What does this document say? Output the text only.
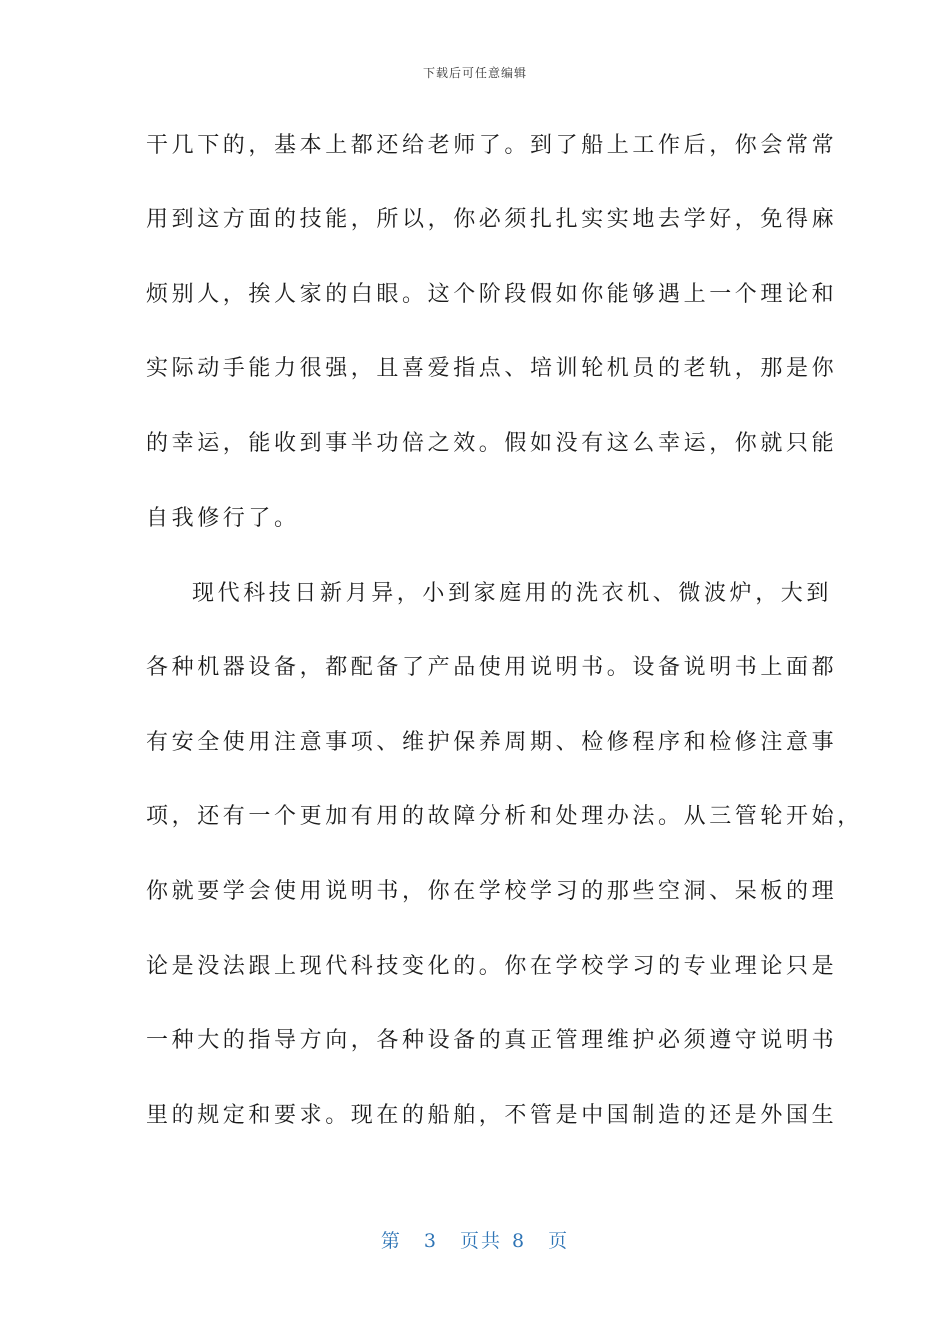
下载后可任意编辑
干几下的，基本上都还给老师了。到了船上工作后，你会常常
用到这方面的技能，所以，你必须扎扎实实地去学好，免得麻
烦别人，挨人家的白眼。这个阶段假如你能够遇上一个理论和
实际动手能力很强，且喜爱指点、培训轮机员的老轨，那是你
的幸运，能收到事半功倍之效。假如没有这么幸运，你就只能
自我修行了。
现代科技日新月异，小到家庭用的洗衣机、微波炉，大到
各种机器设备，都配备了产品使用说明书。设备说明书上面都
有安全使用注意事项、维护保养周期、检修程序和检修注意事
项，还有一个更加有用的故障分析和处理办法。从三管轮开始，
你就要学会使用说明书，你在学校学习的那些空洞、呆板的理
论是没法跟上现代科技变化的。你在学校学习的专业理论只是
一种大的指导方向，各种设备的真正管理维护必须遵守说明书
里的规定和要求。现在的船舶，不管是中国制造的还是外国生
第 3 页共 8 页
